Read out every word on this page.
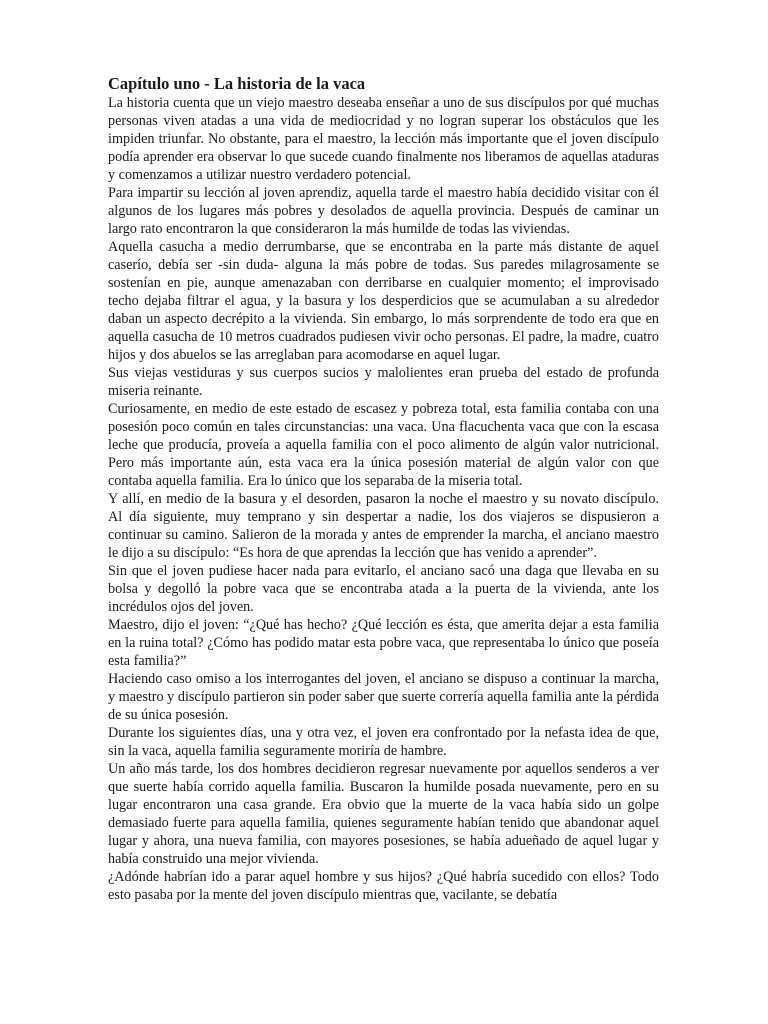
Capítulo uno - La historia de la vaca

La historia cuenta que un viejo maestro deseaba enseñar a uno de sus discípulos por qué muchas personas viven atadas a una vida de mediocridad y no logran superar los obstáculos que les impiden triunfar. No obstante, para el maestro, la lección más importante que el joven discípulo podía aprender era observar lo que sucede cuando finalmente nos liberamos de aquellas ataduras y comenzamos a utilizar nuestro verdadero potencial.

Para impartir su lección al joven aprendiz, aquella tarde el maestro había decidido visitar con él algunos de los lugares más pobres y desolados de aquella provincia. Después de caminar un largo rato encontraron la que consideraron la más humilde de todas las viviendas.

Aquella casucha a medio derrumbarse, que se encontraba en la parte más distante de aquel caserío, debía ser -sin duda- alguna la más pobre de todas. Sus paredes milagrosamente se sostenían en pie, aunque amenazaban con derribarse en cualquier momento; el improvisado techo dejaba filtrar el agua, y la basura y los desperdicios que se acumulaban a su alrededor daban un aspecto decrépito a la vivienda. Sin embargo, lo más sorprendente de todo era que en aquella casucha de 10 metros cuadrados pudiesen vivir ocho personas. El padre, la madre, cuatro hijos y dos abuelos se las arreglaban para acomodarse en aquel lugar.

Sus viejas vestiduras y sus cuerpos sucios y malolientes eran prueba del estado de profunda miseria reinante.

Curiosamente, en medio de este estado de escasez y pobreza total, esta familia contaba con una posesión poco común en tales circunstancias: una vaca. Una flacuchenta vaca que con la escasa leche que producía, proveía a aquella familia con el poco alimento de algún valor nutricional. Pero más importante aún, esta vaca era la única posesión material de algún valor con que contaba aquella familia. Era lo único que los separaba de la miseria total.

Y allí, en medio de la basura y el desorden, pasaron la noche el maestro y su novato discípulo. Al día siguiente, muy temprano y sin despertar a nadie, los dos viajeros se dispusieron a continuar su camino. Salieron de la morada y antes de emprender la marcha, el anciano maestro le dijo a su discípulo: “Es hora de que aprendas la lección que has venido a aprender”.

Sin que el joven pudiese hacer nada para evitarlo, el anciano sacó una daga que llevaba en su bolsa y degolló la pobre vaca que se encontraba atada a la puerta de la vivienda, ante los incrédulos ojos del joven.

Maestro, dijo el joven: “¿Qué has hecho? ¿Qué lección es ésta, que amerita dejar a esta familia en la ruina total? ¿Cómo has podido matar esta pobre vaca, que representaba lo único que poseía esta familia?”

Haciendo caso omiso a los interrogantes del joven, el anciano se dispuso a continuar la marcha, y maestro y discípulo partieron sin poder saber que suerte correría aquella familia ante la pérdida de su única posesión.

Durante los siguientes días, una y otra vez, el joven era confrontado por la nefasta idea de que, sin la vaca, aquella familia seguramente moriría de hambre.

Un año más tarde, los dos hombres decidieron regresar nuevamente por aquellos senderos a ver que suerte había corrido aquella familia. Buscaron la humilde posada nuevamente, pero en su lugar encontraron una casa grande. Era obvio que la muerte de la vaca había sido un golpe demasiado fuerte para aquella familia, quienes seguramente habían tenido que abandonar aquel lugar y ahora, una nueva familia, con mayores posesiones, se había adueñado de aquel lugar y había construido una mejor vivienda.

¿Adónde habrían ido a parar aquel hombre y sus hijos? ¿Qué habría sucedido con ellos? Todo esto pasaba por la mente del joven discípulo mientras que, vacilante, se debatía
